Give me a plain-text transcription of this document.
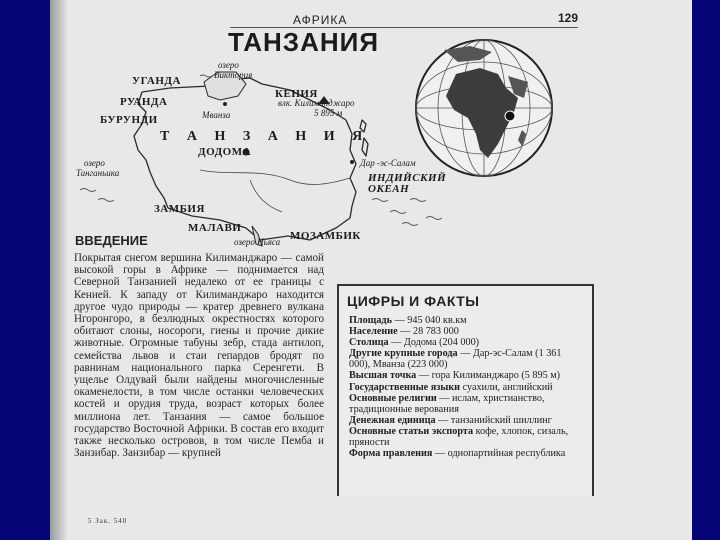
АФРИКА	129
ТАНЗАНИЯ
озеро
Виктория
УГАНДА
КЕНИЯ
влк. Килиманджаро
5 895 м
РУАНДА
Мванза
БУРУНДИ
Т А Н З А Н И Я
ДОДОМА
Дар -эс-Салам
озеро
Танганьика	ИНДИЙСКИЙ
ОКЕАН
ЗАМБИЯ
МАЛАВИ
МОЗАМБИК
озеро Ньяса
ВВЕДЕНИЕ

Покрытая снегом вершина Килиманджаро — самой высокой горы в Африке — поднимается над Северной Танзанией недалеко от ее границы с Кенией. К западу от Килиманджаро находится другое чудо природы — кратер древнего вулкана Нгоронгоро, в безлюдных окрестностях которого обитают слоны, носороги, гиены и прочие дикие животные. Огромные табуны зебр, стада антилоп, семейства львов и стаи гепардов бродят по равнинам национального парка Серенгети. В ущелье Олдувай были найдены многочисленные окаменелости, в том числе останки человеческих костей и орудия труда, возраст которых более миллиона лет. Танзания — самое большое государство Восточной Африки. В состав его входит также несколько островов, в том числе Пемба и Занзибар. Занзибар — крупней

ЦИФРЫ И ФАКТЫ
Площадь — 945 040 кв.км
Население — 28 783 000
Столица — Додома (204 000)
Другие крупные города — Дар-эс-Салам (1 361 000), Мванза (223 000)
Высшая точка — гора Килиманджаро (5 895 м)
Государственные языки суахили, английский
Основные религии — ислам, христианство, традиционные верования
Денежная единица — танзанийский шиллинг
Основные статьи экспорта кофе, хлопок, сизаль, пряности
Форма правления — однопартийная республика
5 Зак. 540
